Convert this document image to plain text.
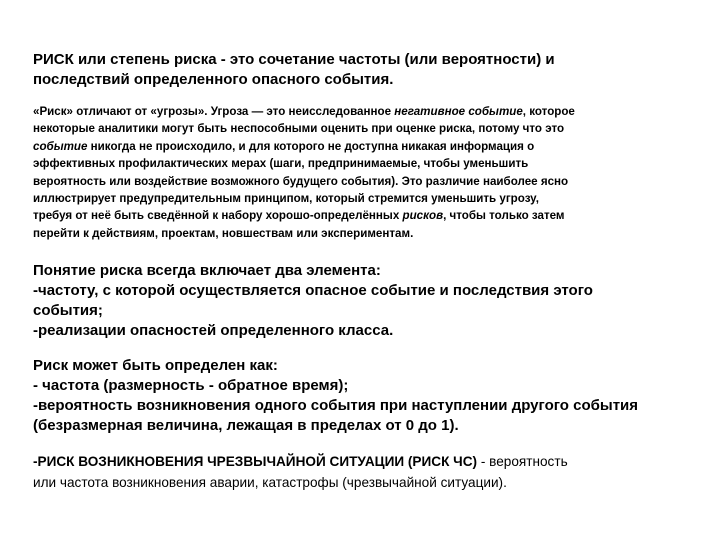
РИСК или степень риска - это сочетание частоты (или вероятности) и
последствий определенного опасного события.

«Риск» отличают от «угрозы». Угроза — это неисследованное негативное событие, которое
некоторые аналитики могут быть неспособными оценить при оценке риска, потому что это
событие никогда не происходило, и для которого не доступна никакая информация о
эффективных профилактических мерах (шаги, предпринимаемые, чтобы уменьшить
вероятность или воздействие возможного будущего события). Это различие наиболее ясно
иллюстрирует предупредительным принципом, который стремится уменьшить угрозу,
требуя от неё быть сведённой к набору хорошо-определённых рисков, чтобы только затем
перейти к действиям, проектам, новшествам или экспериментам.

Понятие риска всегда включает два элемента:
-частоту, с которой осуществляется опасное событие и последствия этого
события;
-реализации опасностей определенного класса.

Риск может быть определен как:
- частота (размерность - обратное время);
-вероятность возникновения одного события при наступлении другого события
(безразмерная величина, лежащая в пределах от 0 до 1).

-РИСК ВОЗНИКНОВЕНИЯ ЧРЕЗВЫЧАЙНОЙ СИТУАЦИИ (РИСК ЧС) - вероятность
или частота возникновения аварии, катастрофы (чрезвычайной ситуации).
